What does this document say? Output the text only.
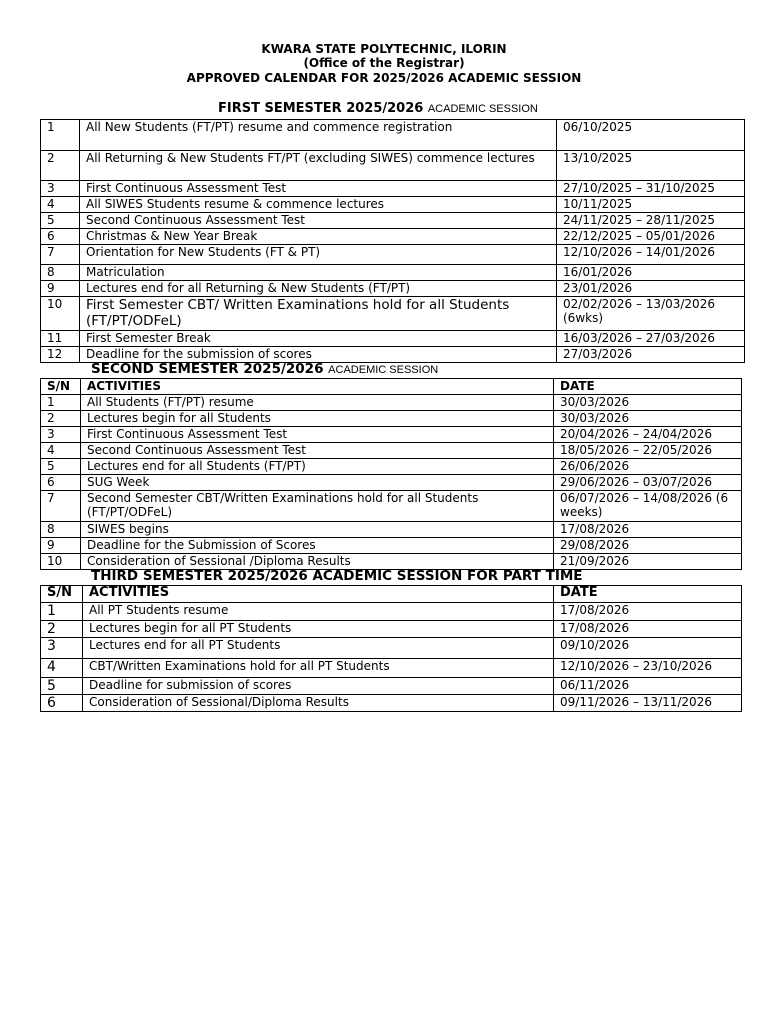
KWARA STATE POLYTECHNIC, ILORIN
(Office of the Registrar)
APPROVED CALENDAR FOR 2025/2026 ACADEMIC SESSION
FIRST SEMESTER 2025/2026 ACADEMIC SESSION
1	All New Students (FT/PT) resume and commence registration	06/10/2025
2	All Returning & New Students FT/PT (excluding SIWES) commence lectures	13/10/2025
3	First Continuous Assessment Test	27/10/2025 – 31/10/2025
4	All SIWES Students resume & commence lectures	10/11/2025
5	Second Continuous Assessment Test	24/11/2025 – 28/11/2025
6	Christmas & New Year Break	22/12/2025 – 05/01/2026
7	Orientation for New Students (FT & PT)	12/10/2026 – 14/01/2026
8	Matriculation	16/01/2026
9	Lectures end for all Returning & New Students (FT/PT)	23/01/2026
10	First Semester CBT/ Written Examinations hold for all Students (FT/PT/ODFeL)	02/02/2026 – 13/03/2026 (6wks)
11	First Semester Break	16/03/2026 – 27/03/2026
12	Deadline for the submission of scores	27/03/2026
SECOND SEMESTER 2025/2026 ACADEMIC SESSION
S/N	ACTIVITIES	DATE
1	All Students (FT/PT) resume	30/03/2026
2	Lectures begin for all Students	30/03/2026
3	First Continuous Assessment Test	20/04/2026 – 24/04/2026
4	Second Continuous Assessment Test	18/05/2026 – 22/05/2026
5	Lectures end for all Students (FT/PT)	26/06/2026
6	SUG Week	29/06/2026 – 03/07/2026
7	Second Semester CBT/Written Examinations hold for all Students (FT/PT/ODFeL)	06/07/2026 – 14/08/2026 (6 weeks)
8	SIWES begins	17/08/2026
9	Deadline for the Submission of Scores	29/08/2026
10	Consideration of Sessional /Diploma Results	21/09/2026
THIRD SEMESTER 2025/2026 ACADEMIC SESSION FOR PART TIME
S/N	ACTIVITIES	DATE
1	All PT Students resume	17/08/2026
2	Lectures begin for all PT Students	17/08/2026
3	Lectures end for all PT Students	09/10/2026
4	CBT/Written Examinations hold for all PT Students	12/10/2026 – 23/10/2026
5	Deadline for submission of scores	06/11/2026
6	Consideration of Sessional/Diploma Results	09/11/2026 – 13/11/2026
